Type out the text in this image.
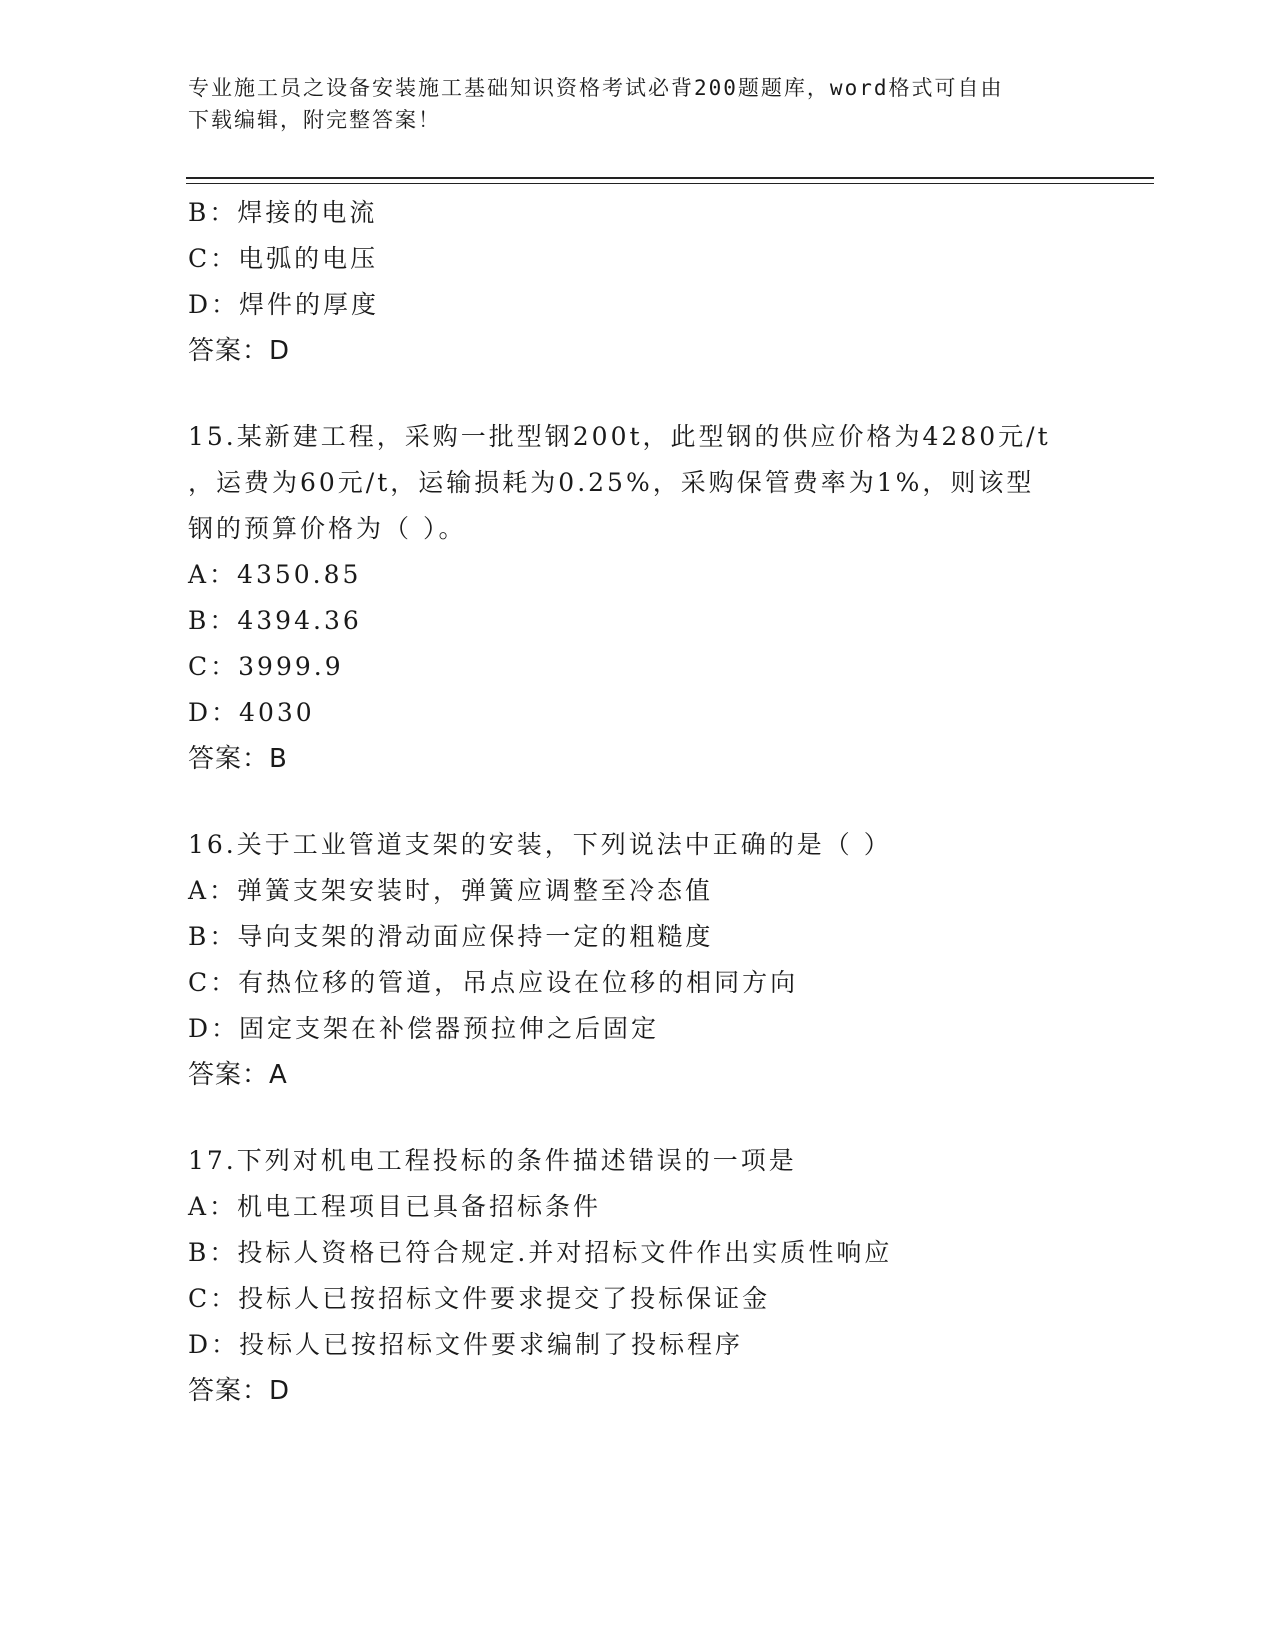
专业施工员之设备安装施工基础知识资格考试必背200题题库，word格式可自由
下载编辑，附完整答案！
B：焊接的电流
C：电弧的电压
D：焊件的厚度
答案：D
15.某新建工程，采购一批型钢200t，此型钢的供应价格为4280元/t
，运费为60元/t，运输损耗为0.25%，采购保管费率为1%，则该型
钢的预算价格为（ ）。
A：4350.85
B：4394.36
C：3999.9
D：4030
答案：B
16.关于工业管道支架的安装，下列说法中正确的是（ ）
A：弹簧支架安装时，弹簧应调整至冷态值
B：导向支架的滑动面应保持一定的粗糙度
C：有热位移的管道，吊点应设在位移的相同方向
D：固定支架在补偿器预拉伸之后固定
答案：A
17.下列对机电工程投标的条件描述错误的一项是
A：机电工程项目已具备招标条件
B：投标人资格已符合规定.并对招标文件作出实质性响应
C：投标人已按招标文件要求提交了投标保证金
D：投标人已按招标文件要求编制了投标程序
答案：D
